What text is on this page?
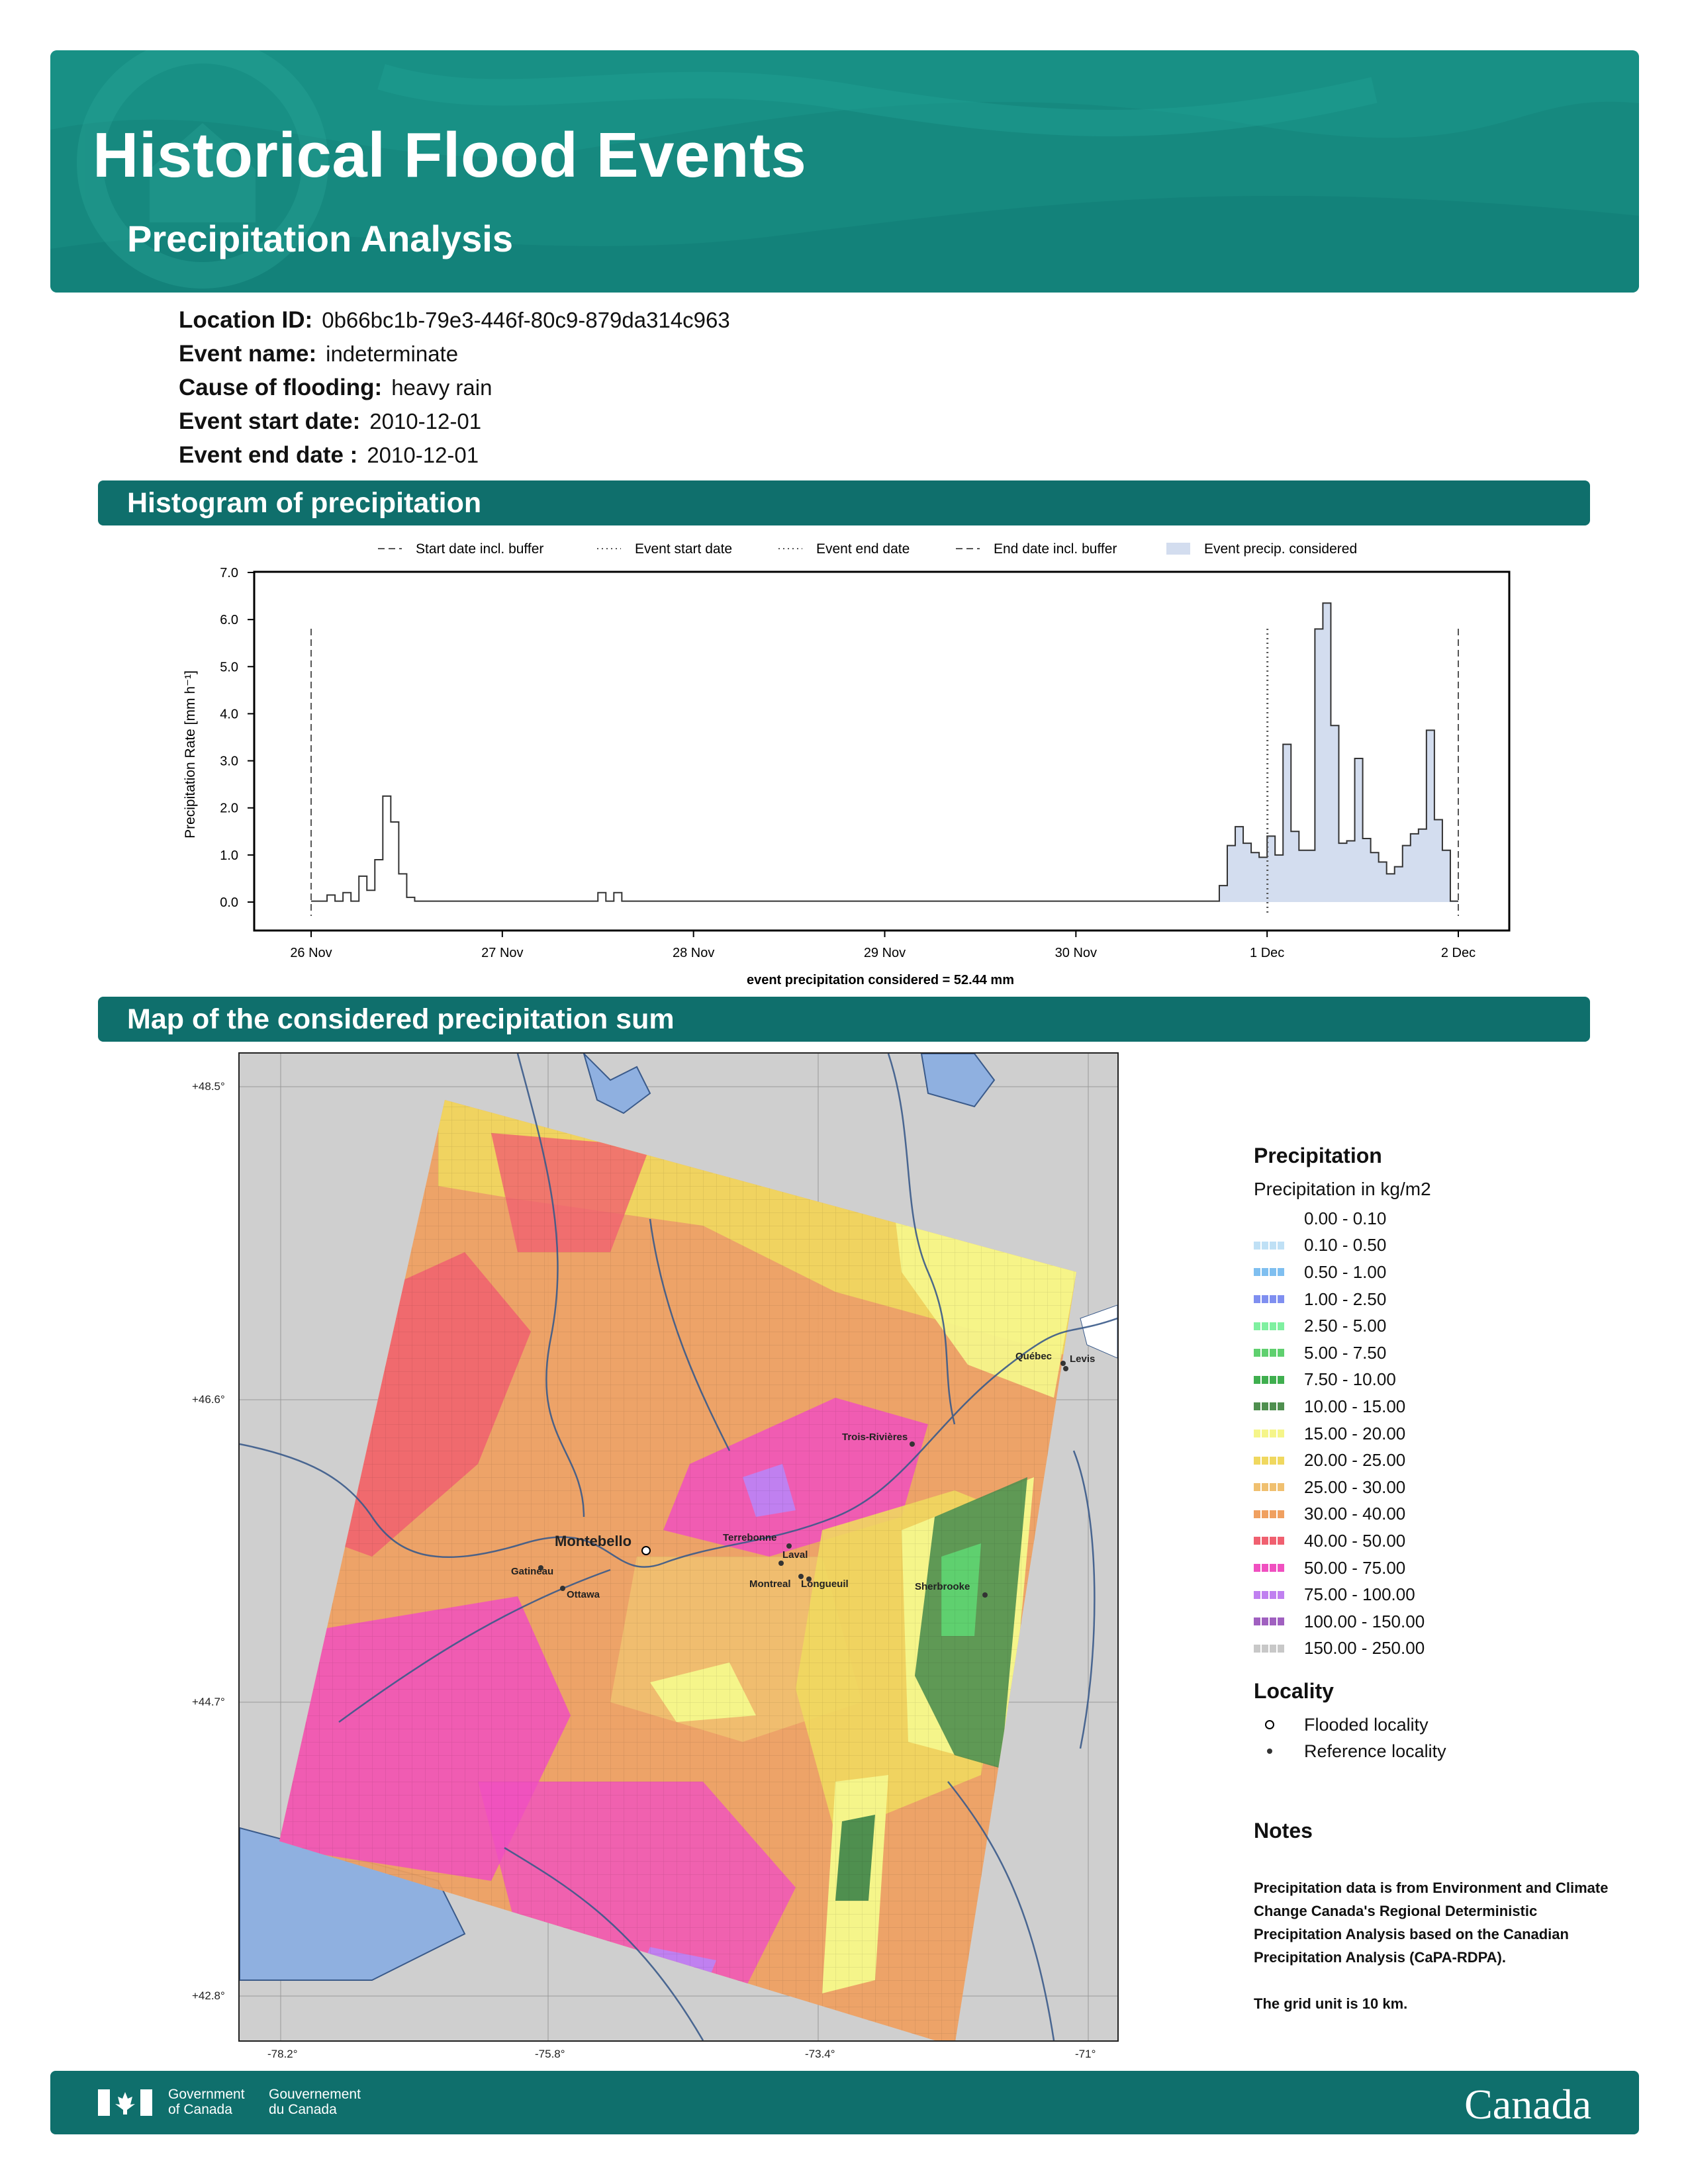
Historical Flood Events
Precipitation Analysis
Location ID: 0b66bc1b-79e3-446f-80c9-879da314c963
Event name: indeterminate
Cause of flooding: heavy rain
Event start date: 2010-12-01
Event end date : 2010-12-01
Histogram of precipitation
0.0
1.0
2.0
3.0
4.0
5.0
6.0
7.0
Precipitation Rate [mm h⁻¹]
26 Nov	27 Nov	28 Nov	29 Nov	30 Nov	1 Dec	2 Dec
event precipitation considered = 52.44 mm
Start date incl. buffer	Event start date	Event end date	End date incl. buffer	Event precip. considered
Map of the considered precipitation sum
+48.5°
+46.6°
+44.7°
+42.8°
-78.2°	-75.8°	-73.4°	-71°
Montebello
Gatineau
Ottawa
Terrebonne
Laval
Montreal Longueuil	Sherbrooke
Trois-Rivières
Québec Levis
Precipitation
Precipitation in kg/m2
0.00 - 0.10
0.10 - 0.50
0.50 - 1.00
1.00 - 2.50
2.50 - 5.00
5.00 - 7.50
7.50 - 10.00
10.00 - 15.00
15.00 - 20.00
20.00 - 25.00
25.00 - 30.00
30.00 - 40.00
40.00 - 50.00
50.00 - 75.00
75.00 - 100.00
100.00 - 150.00
150.00 - 250.00
Locality
Flooded locality
Reference locality
Notes

Precipitation data is from Environment and Climate Change Canada's Regional Deterministic Precipitation Analysis based on the Canadian Precipitation Analysis (CaPA-RDPA).

The grid unit is 10 km.

Government of Canada
Gouvernement du Canada	Canada
